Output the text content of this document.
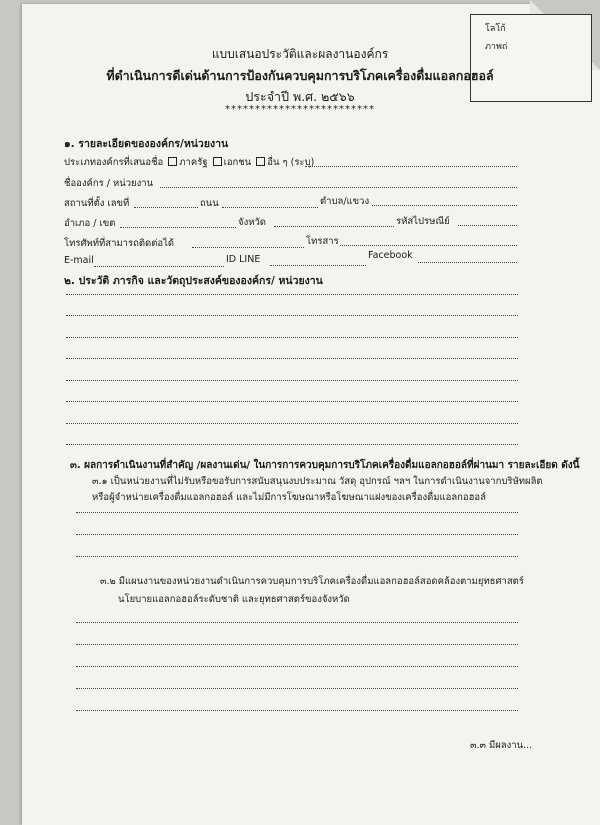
โลโก้
ภาพถ่
แบบเสนอประวัติและผลงานองค์กร
ที่ดำเนินการดีเด่นด้านการป้องกันควบคุมการบริโภคเครื่องดื่มแอลกอฮอล์
ประจำปี พ.ศ. ๒๕๖๖
*************************
๑. รายละเอียดขององค์กร/หน่วยงาน
ประเภทองค์กรที่เสนอชื่อ ภาครัฐ เอกชน อื่น ๆ (ระบุ)
ชื่อองค์กร / หน่วยงาน
สถานที่ตั้ง เลขที่	ถนน	ตำบล/แขวง
อำเภอ / เขต	จังหวัด	รหัสไปรษณีย์
โทรศัพท์ที่สามารถติดต่อได้	โทรสาร
E-mail	ID LINE	Facebook
๒. ประวัติ ภารกิจ และวัตถุประสงค์ขององค์กร/ หน่วยงาน
๓. ผลการดำเนินงานที่สำคัญ /ผลงานเด่น/ ในการการควบคุมการบริโภคเครื่องดื่มแอลกอฮอล์ที่ผ่านมา รายละเอียด ดังนี้
๓.๑ เป็นหน่วยงานที่ไม่รับหรือขอรับการสนับสนุนงบประมาณ วัสดุ อุปกรณ์ ฯลฯ ในการดำเนินงานจากบริษัทผลิต
หรือผู้จำหน่ายเครื่องดื่มแอลกอฮอล์ และไม่มีการโฆษณาหรือโฆษณาแฝงของเครื่องดื่มแอลกอฮอล์
๓.๒ มีแผนงานของหน่วยงานดำเนินการควบคุมการบริโภคเครื่องดื่มแอลกอฮอล์สอดคล้องตามยุทธศาสตร์
นโยบายแอลกอฮอล์ระดับชาติ และยุทธศาสตร์ของจังหวัด
๓.๓ มีผลงาน...
